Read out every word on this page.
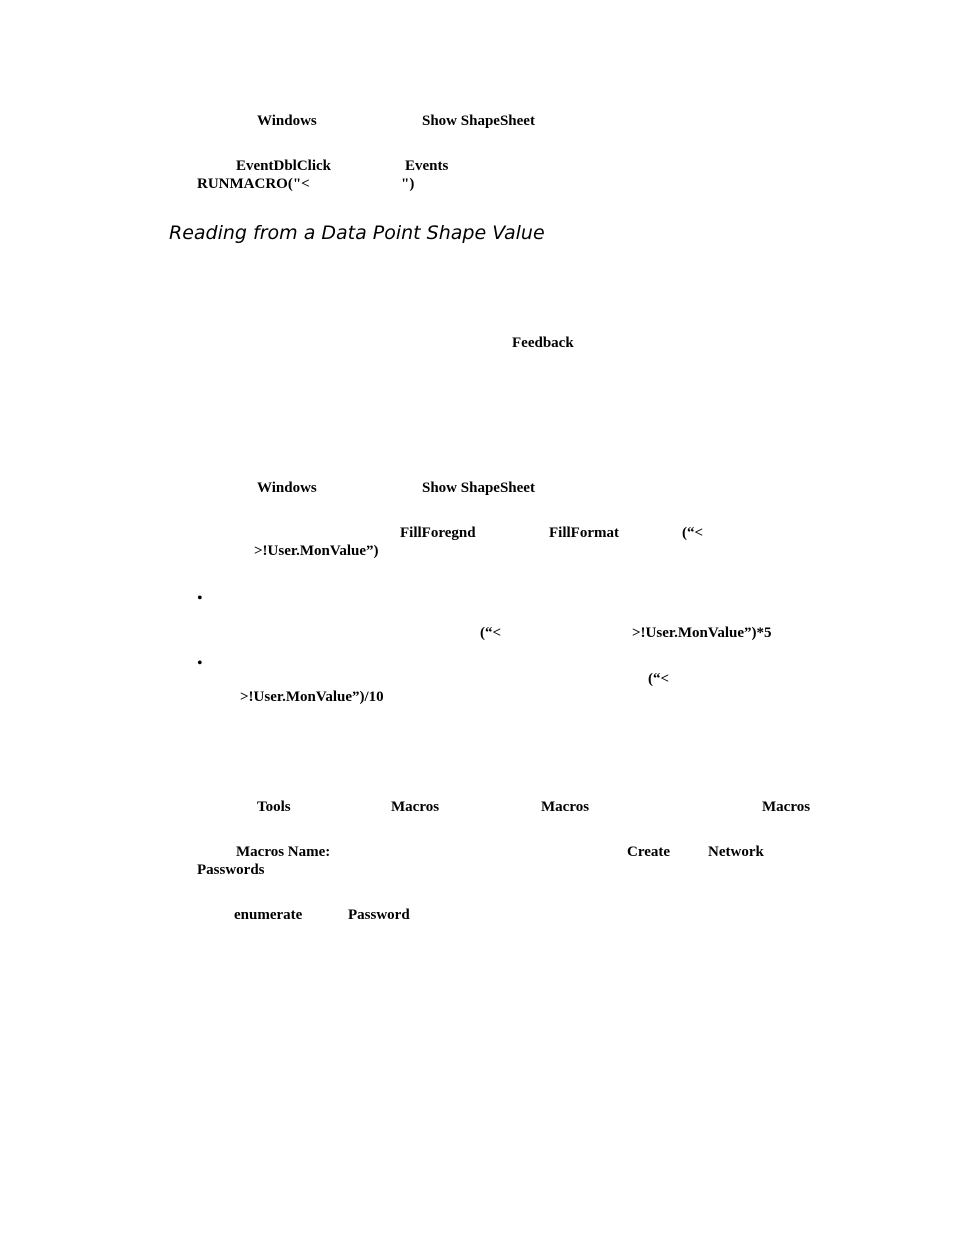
Windows	Show ShapeSheet
EventDblClick	Events
RUNMACRO("<	")
Reading from a Data Point Shape Value
Feedback
Windows	Show ShapeSheet
FillForegnd	FillFormat	(“<
>!User.MonValue”)
•
(“<	>!User.MonValue”)*5
•
(“<
>!User.MonValue”)/10
Tools	Macros	Macros	Macros
Macros Name:	Create	Network
Passwords
enumerate	Password
